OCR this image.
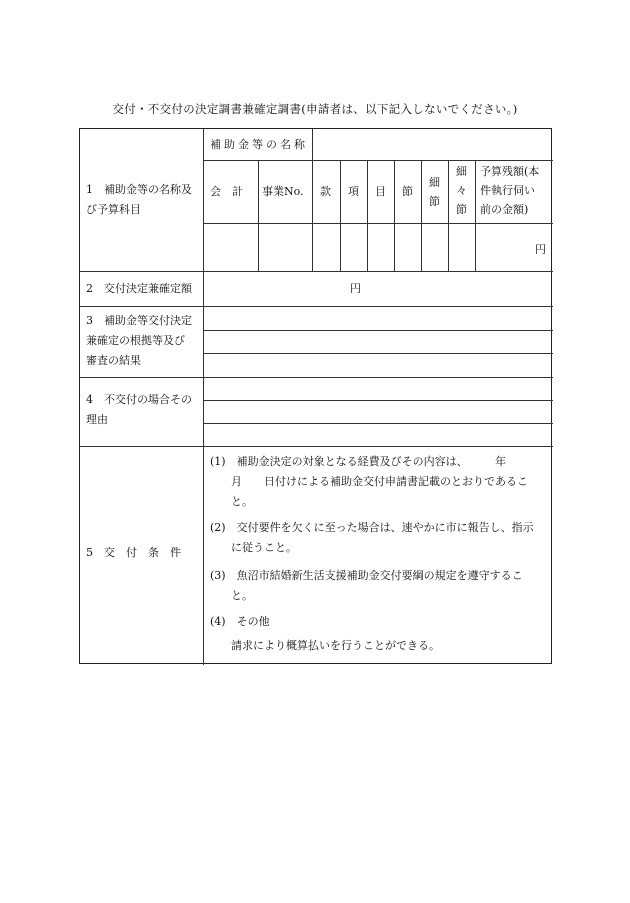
交付・不交付の決定調書兼確定調書(申請者は、以下記入しないでください。)
1　補助金等の名称及
び予算科目
補助金等の名称
会　計 事業No. 款 項 目 節
細
節
細
々
節
予算残額(本
件執行伺い
前の金額)
円
2　交付決定兼確定額	円
3　補助金等交付決定
兼確定の根拠等及び
審査の結果
4　不交付の場合その
理由
5　交　付　条　件
(1)　補助金決定の対象となる経費及びその内容は、　　　年
月　　日付けによる補助金交付申請書記載のとおりであるこ
と。
(2)　交付要件を欠くに至った場合は、速やかに市に報告し、指示
に従うこと。
(3)　魚沼市結婚新生活支援補助金交付要綱の規定を遵守するこ
と。
(4)　その他
請求により概算払いを行うことができる。
